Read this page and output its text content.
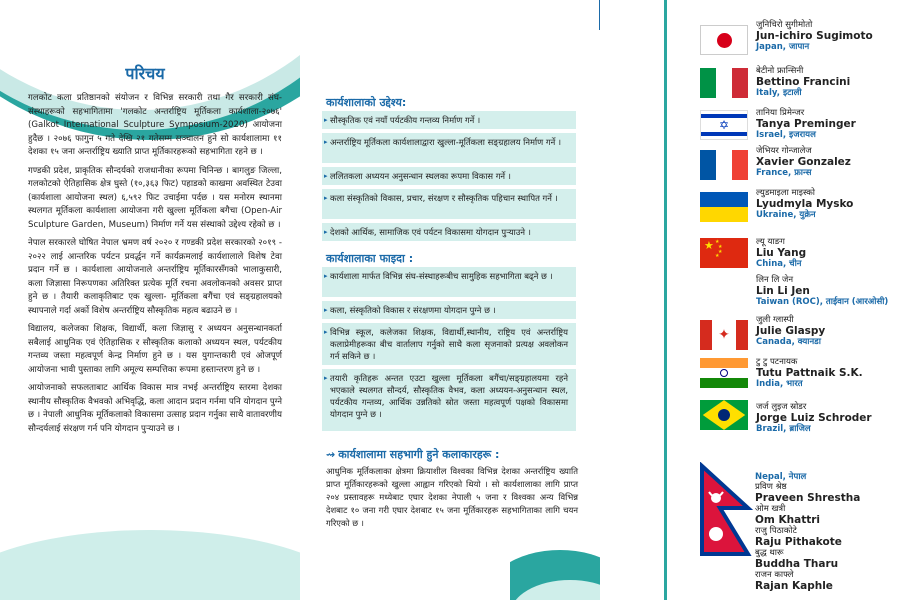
परिचय

गलकोट कला प्रतिष्ठानको संयोजन र विभिन्न सरकारी तथा गैर सरकारी संघ-संस्थाहरूको सहभागितामा 'गलकोट अन्तर्राष्ट्रिय मूर्तिकला कार्यशाला-२०७६' (Galkot International Sculpture Symposium-2020) आयोजना हुदैछ । २०७६ फागुन ५ गते देखि २१ गतेसम्म सञ्चालन हुने सो कार्यशालामा ११ देशका १५ जना अन्तर्राष्ट्रिय ख्याति प्राप्त मूर्तिकारहरूको सहभागिता रहने छ ।

गण्डकी प्रदेश, प्राकृतिक सौन्दर्यको राजधानीका रूपमा चिनिन्छ । बागलुङ जिल्ला, गलकोटको ऐतिहासिक क्षेत्र घुस्ते (१०,३६३ फिट) पहाडको काखमा अवस्थित टेउवा (कार्यशाला आयोजना स्थल) ६,५९२ फिट उचाईमा पर्दछ । यस मनोरम स्थानमा स्थलगत मूर्तिकला कार्यशाला आयोजना गरी खुल्ला मूर्तिकला बगैचा (Open-Air Sculpture Garden, Museum) निर्माण गर्ने यस संस्थाको उद्देश्य रहेको छ ।

नेपाल सरकारले घोषित नेपाल भ्रमण वर्ष २०२० र गण्डकी प्रदेश सरकारको २०१९ - २०२२ लाई आन्तरिक पर्यटन प्रवर्द्धन गर्ने कार्यक्रमलाई कार्यशालाले विशेष टेवा प्रदान गर्ने छ । कार्यशाला आयोजनाले अन्तर्राष्ट्रिय मूर्तिकारसँगको भालाकुसारी, कला जिज्ञासा निरूपणका अतिरिक्त प्रत्येक मूर्ति रचना अवलोकनको अवसर प्राप्त हुने छ । तैयारी कलाकृतिबाट एक खुल्ला- मूर्तिकला बगैंचा एवं सङ्ग्रहालयको स्थापनाले गर्दा अर्को विशेष अन्तर्राष्ट्रिय सौस्कृतिक महत्व बढाउने छ ।

विद्यालय, कलेजका शिक्षक, विद्यार्थी, कला जिज्ञासु र अध्ययन अनुसन्धानकर्ता सबैलाई आधुनिक एवं ऐतिहासिक र सौस्कृतिक कलाको अध्ययन स्थल, पर्यटकीय गन्तव्य जस्ता महत्वपूर्ण केन्द्र निर्माण हुने छ । यस युगान्तकारी एवं ओजपूर्ण आयोजना भावी पुस्ताका लागि अमूल्य सम्पत्तिका रूपमा हस्तान्तरण हुने छ ।

आयोजनाको सफलताबाट आर्थिक विकास मात्र नभई अन्तर्राष्ट्रिय स्तरमा देशका स्थानीय सौस्कृतिक वैभवको अभिवृद्धि, कला आदान प्रदान गर्नमा पनि योगदान पुग्ने छ । नेपाली आधुनिक मूर्तिकलाको विकासमा उत्साह प्रदान गर्नुका साथै वातावरणीय सौन्दर्यलाई संरक्षण गर्न पनि योगदान पुऱ्याउने छ ।

कार्यशालाको उद्देश्य:
▸ सौस्कृतिक एवं नयाँ पर्यटकीय गन्तव्य निर्माण गर्ने ।
▸ अन्तर्राष्ट्रिय मूर्तिकला कार्यशालाद्वारा खुल्ला-मूर्तिकला सङ्ग्रहालय निर्माण गर्ने ।
▸ ललितकला अध्ययन अनुसन्धान स्थलका रूपमा विकास गर्ने ।
▸ कला संस्कृतिको विकास, प्रचार, संरक्षण र सौस्कृतिक पहिचान स्थापित गर्ने ।
▸ देशको आर्थिक, सामाजिक एवं पर्यटन विकासमा योगदान पुऱ्याउने ।
कार्यशालाका फाइदा :
▸ कार्यशाला मार्फत विभिन्न संघ-संस्थाहरूबीच सामुहिक सहभागिता बढ्ने छ ।
▸ कला, संस्कृतिको विकास र संरक्षणमा योगदान पुग्ने छ ।
▸ विभिन्न स्कूल, कलेजका शिक्षक, विद्यार्थी,स्थानीय, राष्ट्रिय एवं अन्तर्राष्ट्रिय कलाप्रेमीहरूका बीच वार्तालाप गर्नुको साथै कला सृजनाको प्रत्यक्ष अवलोकन गर्न सकिने छ ।
▸ तयारी कृतिहरू अन्तत एउटा खुल्ला मूर्तिकला बगैंचा/सङ्ग्रहालयमा रहने भएकाले स्थलगत सौन्दर्य, सौस्कृतिक वैभव, कला अध्ययन-अनुसन्धान स्थल, पर्यटकीय गन्तव्य, आर्थिक उन्नतिको स्रोत जस्ता महत्वपूर्ण पक्षको विकासमा योगदान पुग्ने छ ।
⇝ कार्यशालामा सहभागी हुने कलाकारहरू :
आधुनिक मूर्तिकलाका क्षेत्रमा क्रियाशील विश्वका विभिन्न देशका अन्तर्राष्ट्रिय ख्याति प्राप्त मूर्तिकारहरूको खुल्ला आह्वान गरिएको थियो । सो कार्यशालाका लागि प्राप्त २०४ प्रस्तावहरू मध्येबाट एघार देशका नेपाली ५ जना र विश्वका अन्य विभिन्न देशबाट १० जना गरी एघार देशबाट १५ जना मूर्तिकारहरू सहभागिताका लागि चयन गरिएको छ ।
जुनिचिरो सुगीमोतो
Jun-ichiro Sugimoto
Japan, जापान
बेटीनो फ्रान्सिनी
Bettino Francini
Italy, इटाली
✡
तानिया प्रिमेन्जर
Tanya Preminger
Israel, इजरायल
जेभियर गोन्जालेज
Xavier Gonzalez
France, फ्रान्स
ल्युडमाइला माइस्को
Lyudmyla Mysko
Ukraine, युक्रेन
★ ★
★
★
★
ल्यू याङग
Liu Yang
China, चीन
लिन लि जेन
Lin Li Jen
Taiwan (ROC), ताईवान (आरओसी)
✦
जुली ग्लास्पी
Julie Glaspy
Canada, क्यानडा
टु टु पटनायक
Tutu Pattnaik S.K.
India, भारत
जर्ज लुइज स्रोडर
Jorge Luiz Schroder
Brazil, ब्राजिल
Nepal, नेपाल
प्रविण श्रेष्ठ
Praveen Shrestha
ओम खत्री
Om Khattri
राजु पिठाकोटे
Raju Pithakote
बुद्ध थारू
Buddha Tharu
राजन काफ्ले
Rajan Kaphle
